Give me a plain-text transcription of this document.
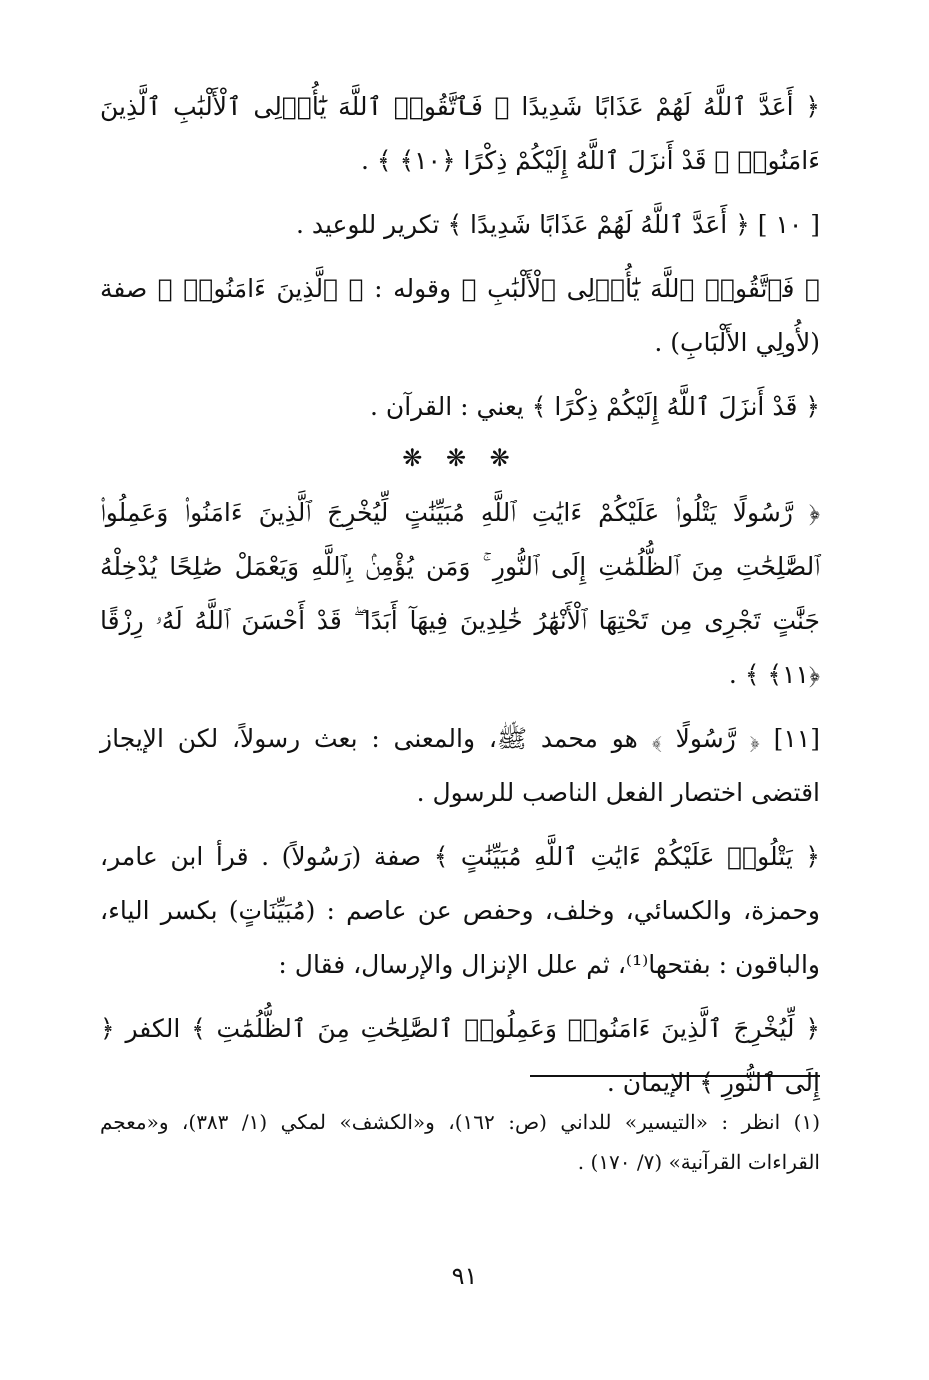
﴿ أَعَدَّ ٱللَّهُ لَهُمْ عَذَابًا شَدِيدًا ۖ فَٱتَّقُوا۟ ٱللَّهَ يَٰٓأُو۟لِى ٱلْأَلْبَٰبِ ٱلَّذِينَ ءَامَنُوا۟ ۚ قَدْ أَنزَلَ ٱللَّهُ إِلَيْكُمْ ذِكْرًا ﴿١٠﴾ ﴾ .

[ ١٠ ] ﴿ أَعَدَّ ٱللَّهُ لَهُمْ عَذَابًا شَدِيدًا ﴾ تكرير للوعيد .

﴿ فَٱتَّقُوا۟ ٱللَّهَ يَٰٓأُو۟لِى ٱلْأَلْبَٰبِ ﴾ وقوله : ﴿ ٱلَّذِينَ ءَامَنُوا۟ ﴾ صفة (لأُولِي الأَلْبَابِ) .

﴿ قَدْ أَنزَلَ ٱللَّهُ إِلَيْكُمْ ذِكْرًا ﴾ يعني : القرآن .

❋ ❋ ❋

﴿ رَّسُولًا يَتْلُوا۟ عَلَيْكُمْ ءَايَٰتِ ٱللَّهِ مُبَيِّنَٰتٍ لِّيُخْرِجَ ٱلَّذِينَ ءَامَنُوا۟ وَعَمِلُوا۟ ٱلصَّٰلِحَٰتِ مِنَ ٱلظُّلُمَٰتِ إِلَى ٱلنُّورِ ۚ وَمَن يُؤْمِنۢ بِٱللَّهِ وَيَعْمَلْ صَٰلِحًا يُدْخِلْهُ جَنَّٰتٍ تَجْرِى مِن تَحْتِهَا ٱلْأَنْهَٰرُ خَٰلِدِينَ فِيهَآ أَبَدًا ۖ قَدْ أَحْسَنَ ٱللَّهُ لَهُۥ رِزْقًا ﴿١١﴾ ﴾ .

[١١] ﴿ رَّسُولًا ﴾ هو محمد ﷺ، والمعنى : بعث رسولاً، لكن الإيجاز اقتضى اختصار الفعل الناصب للرسول .

﴿ يَتْلُوا۟ عَلَيْكُمْ ءَايَٰتِ ٱللَّهِ مُبَيِّنَٰتٍ ﴾ صفة (رَسُولاً) . قرأ ابن عامر، وحمزة، والكسائي، وخلف، وحفص عن عاصم : (مُبَيِّنَاتٍ) بكسر الياء، والباقون : بفتحها⁽¹⁾، ثم علل الإنزال والإرسال، فقال :

﴿ لِّيُخْرِجَ ٱلَّذِينَ ءَامَنُوا۟ وَعَمِلُوا۟ ٱلصَّٰلِحَٰتِ مِنَ ٱلظُّلُمَٰتِ ﴾ الكفر ﴿ إِلَى ٱلنُّورِ ﴾ الإيمان .

(١) انظر : «التيسير» للداني (ص: ١٦٢)، و«الكشف» لمكي (١/ ٣٨٣)، و«معجم القراءات القرآنية» (٧/ ١٧٠) .
٩١
